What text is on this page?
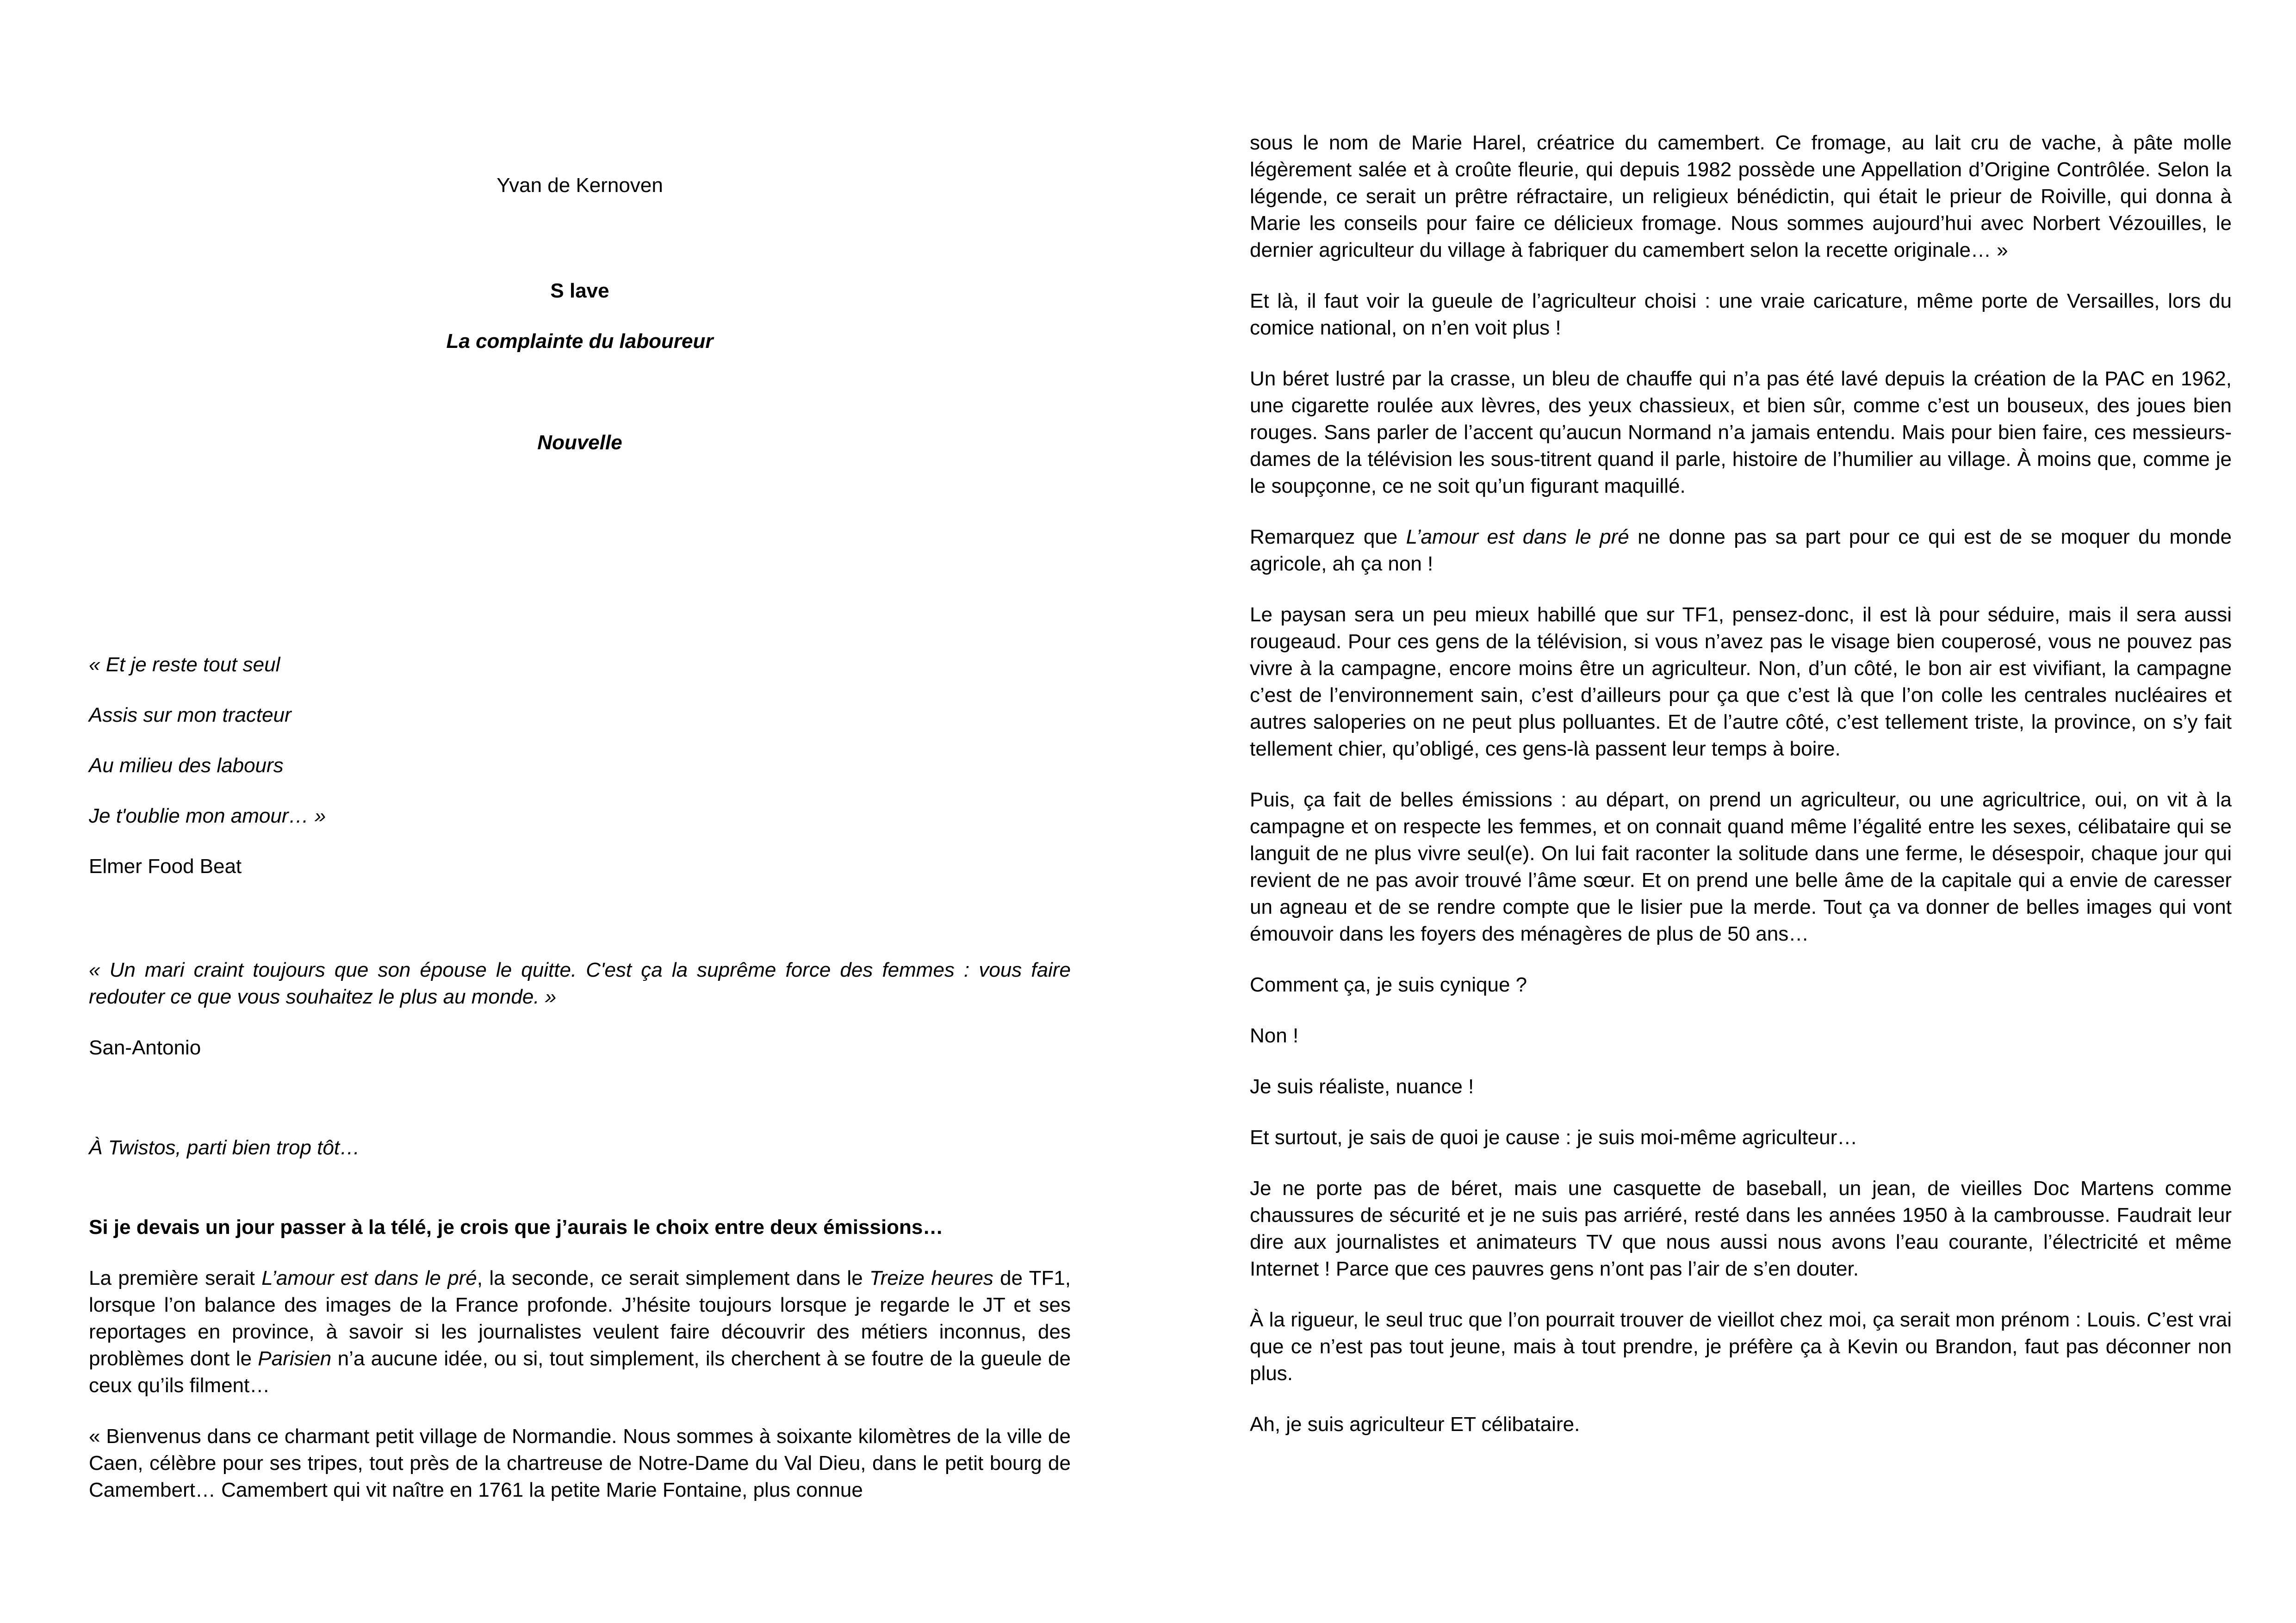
Yvan de Kernoven

S lave

La complainte du laboureur

Nouvelle

« Et je reste tout seul

Assis sur mon tracteur

Au milieu des labours

Je t'oublie mon amour… »

Elmer Food Beat

« Un mari craint toujours que son épouse le quitte. C'est ça la suprême force des femmes : vous faire redouter ce que vous souhaitez le plus au monde. »

San-Antonio

À Twistos, parti bien trop tôt…

Si je devais un jour passer à la télé, je crois que j’aurais le choix entre deux émissions…

La première serait L’amour est dans le pré, la seconde, ce serait simplement dans le Treize heures de TF1, lorsque l’on balance des images de la France profonde. J’hésite toujours lorsque je regarde le JT et ses reportages en province, à savoir si les journalistes veulent faire découvrir des métiers inconnus, des problèmes dont le Parisien n’a aucune idée, ou si, tout simplement, ils cherchent à se foutre de la gueule de ceux qu’ils filment…

« Bienvenus dans ce charmant petit village de Normandie. Nous sommes à soixante kilomètres de la ville de Caen, célèbre pour ses tripes, tout près de la chartreuse de Notre-Dame du Val Dieu, dans le petit bourg de Camembert… Camembert qui vit naître en 1761 la petite Marie Fontaine, plus connue

sous le nom de Marie Harel, créatrice du camembert. Ce fromage, au lait cru de vache, à pâte molle légèrement salée et à croûte fleurie, qui depuis 1982 possède une Appellation d’Origine Contrôlée. Selon la légende, ce serait un prêtre réfractaire, un religieux bénédictin, qui était le prieur de Roiville, qui donna à Marie les conseils pour faire ce délicieux fromage. Nous sommes aujourd’hui avec Norbert Vézouilles, le dernier agriculteur du village à fabriquer du camembert selon la recette originale… »

Et là, il faut voir la gueule de l’agriculteur choisi : une vraie caricature, même porte de Versailles, lors du comice national, on n’en voit plus !

Un béret lustré par la crasse, un bleu de chauffe qui n’a pas été lavé depuis la création de la PAC en 1962, une cigarette roulée aux lèvres, des yeux chassieux, et bien sûr, comme c’est un bouseux, des joues bien rouges. Sans parler de l’accent qu’aucun Normand n’a jamais entendu. Mais pour bien faire, ces messieurs-dames de la télévision les sous-titrent quand il parle, histoire de l’humilier au village. À moins que, comme je le soupçonne, ce ne soit qu’un figurant maquillé.

Remarquez que L’amour est dans le pré ne donne pas sa part pour ce qui est de se moquer du monde agricole, ah ça non !

Le paysan sera un peu mieux habillé que sur TF1, pensez-donc, il est là pour séduire, mais il sera aussi rougeaud. Pour ces gens de la télévision, si vous n’avez pas le visage bien couperosé, vous ne pouvez pas vivre à la campagne, encore moins être un agriculteur. Non, d’un côté, le bon air est vivifiant, la campagne c’est de l’environnement sain, c’est d’ailleurs pour ça que c’est là que l’on colle les centrales nucléaires et autres saloperies on ne peut plus polluantes. Et de l’autre côté, c’est tellement triste, la province, on s’y fait tellement chier, qu’obligé, ces gens-là passent leur temps à boire.

Puis, ça fait de belles émissions : au départ, on prend un agriculteur, ou une agricultrice, oui, on vit à la campagne et on respecte les femmes, et on connait quand même l’égalité entre les sexes, célibataire qui se languit de ne plus vivre seul(e). On lui fait raconter la solitude dans une ferme, le désespoir, chaque jour qui revient de ne pas avoir trouvé l’âme sœur. Et on prend une belle âme de la capitale qui a envie de caresser un agneau et de se rendre compte que le lisier pue la merde. Tout ça va donner de belles images qui vont émouvoir dans les foyers des ménagères de plus de 50 ans…

Comment ça, je suis cynique ?

Non !

Je suis réaliste, nuance !

Et surtout, je sais de quoi je cause : je suis moi-même agriculteur…

Je ne porte pas de béret, mais une casquette de baseball, un jean, de vieilles Doc Martens comme chaussures de sécurité et je ne suis pas arriéré, resté dans les années 1950 à la cambrousse. Faudrait leur dire aux journalistes et animateurs TV que nous aussi nous avons l’eau courante, l’électricité et même Internet ! Parce que ces pauvres gens n’ont pas l’air de s’en douter.

À la rigueur, le seul truc que l’on pourrait trouver de vieillot chez moi, ça serait mon prénom : Louis. C’est vrai que ce n’est pas tout jeune, mais à tout prendre, je préfère ça à Kevin ou Brandon, faut pas déconner non plus.

Ah, je suis agriculteur ET célibataire.
